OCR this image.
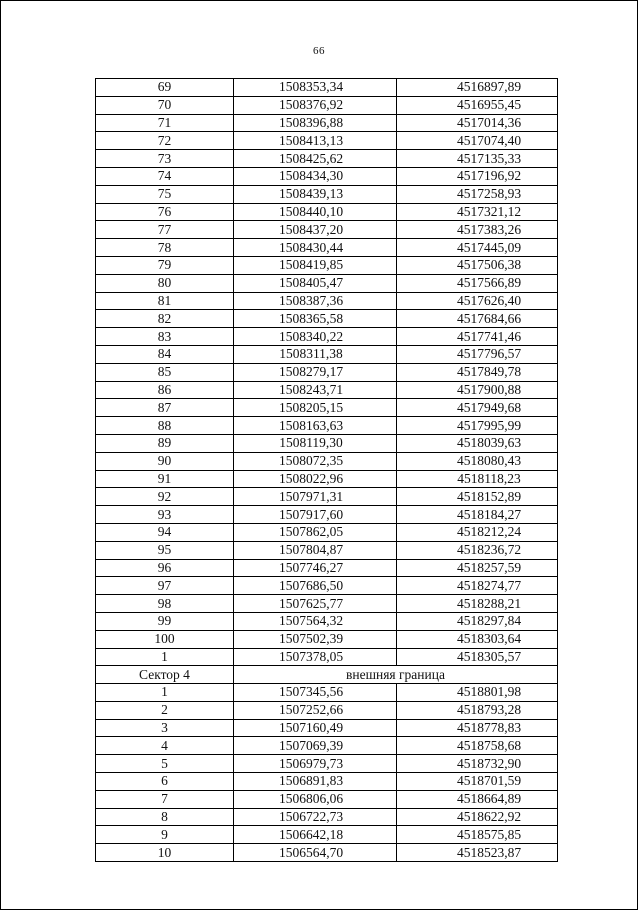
66
69	1508353,34	4516897,89
70	1508376,92	4516955,45
71	1508396,88	4517014,36
72	1508413,13	4517074,40
73	1508425,62	4517135,33
74	1508434,30	4517196,92
75	1508439,13	4517258,93
76	1508440,10	4517321,12
77	1508437,20	4517383,26
78	1508430,44	4517445,09
79	1508419,85	4517506,38
80	1508405,47	4517566,89
81	1508387,36	4517626,40
82	1508365,58	4517684,66
83	1508340,22	4517741,46
84	1508311,38	4517796,57
85	1508279,17	4517849,78
86	1508243,71	4517900,88
87	1508205,15	4517949,68
88	1508163,63	4517995,99
89	1508119,30	4518039,63
90	1508072,35	4518080,43
91	1508022,96	4518118,23
92	1507971,31	4518152,89
93	1507917,60	4518184,27
94	1507862,05	4518212,24
95	1507804,87	4518236,72
96	1507746,27	4518257,59
97	1507686,50	4518274,77
98	1507625,77	4518288,21
99	1507564,32	4518297,84
100	1507502,39	4518303,64
1	1507378,05	4518305,57
Сектор 4	внешняя граница	
1	1507345,56	4518801,98
2	1507252,66	4518793,28
3	1507160,49	4518778,83
4	1507069,39	4518758,68
5	1506979,73	4518732,90
6	1506891,83	4518701,59
7	1506806,06	4518664,89
8	1506722,73	4518622,92
9	1506642,18	4518575,85
10	1506564,70	4518523,87
